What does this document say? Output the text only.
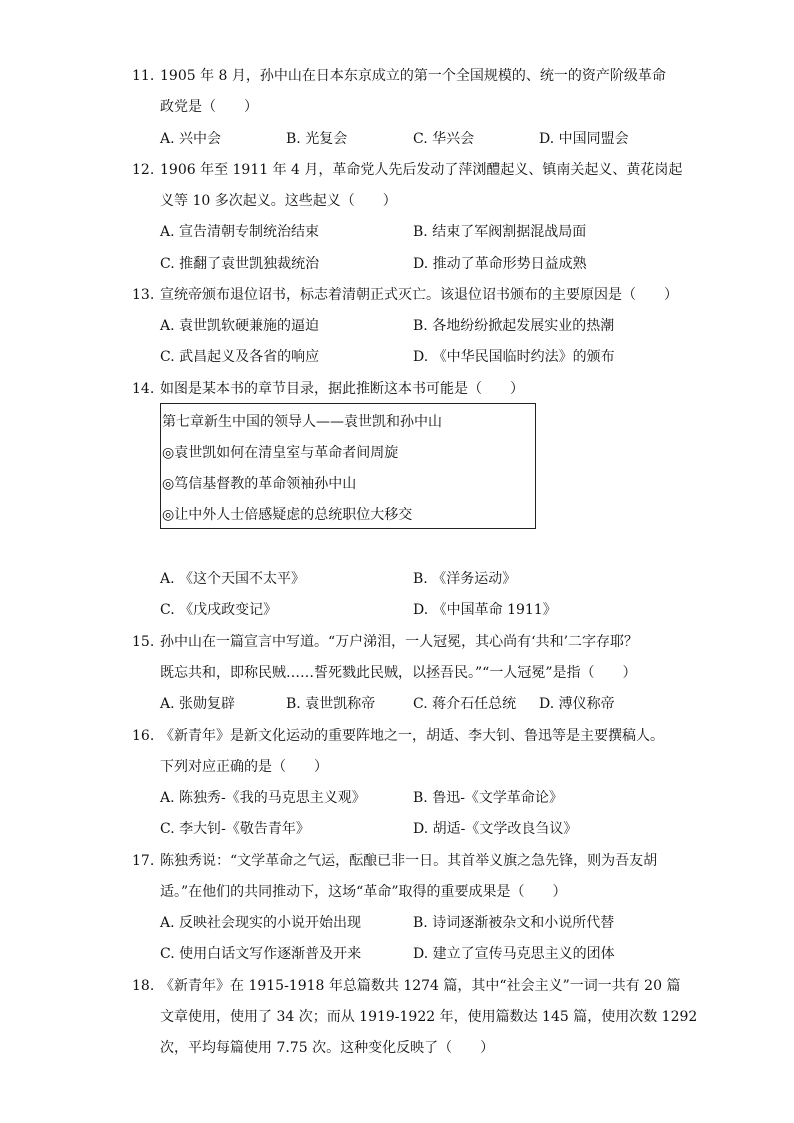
11. 1905 年 8 月，孙中山在日本东京成立的第一个全国规模的、统一的资产阶级革命
政党是（　　）
A. 兴中会	B. 光复会	C. 华兴会	D. 中国同盟会
12. 1906 年至 1911 年 4 月，革命党人先后发动了萍浏醴起义、镇南关起义、黄花岗起
义等 10 多次起义。这些起义（　　）
A. 宣告清朝专制统治结束	B. 结束了军阀割据混战局面
C. 推翻了袁世凯独裁统治	D. 推动了革命形势日益成熟
13. 宣统帝颁布退位诏书，标志着清朝正式灭亡。该退位诏书颁布的主要原因是（　　）
A. 袁世凯软硬兼施的逼迫	B. 各地纷纷掀起发展实业的热潮
C. 武昌起义及各省的响应	D. 《中华民国临时约法》的颁布
14. 如图是某本书的章节目录，据此推断这本书可能是（　　）
第七章新生中国的领导人——袁世凯和孙中山
◎袁世凯如何在清皇室与革命者间周旋
◎笃信基督教的革命领袖孙中山
◎让中外人士倍感疑虑的总统职位大移交
A. 《这个天国不太平》	B. 《洋务运动》
C. 《戊戌政变记》	D. 《中国革命 1911》
15. 孙中山在一篇宣言中写道。“万户涕泪，一人冠冕，其心尚有‘共和’二字存耶？
既忘共和，即称民贼……誓死戮此民贼，以拯吾民。”“一人冠冕”是指（　　）
A. 张勋复辟	B. 袁世凯称帝	C. 蒋介石任总统 D. 溥仪称帝
16. 《新青年》是新文化运动的重要阵地之一，胡适、李大钊、鲁迅等是主要撰稿人。
下列对应正确的是（　　）
A. 陈独秀-《我的马克思主义观》	B. 鲁迅-《文学革命论》
C. 李大钊-《敬告青年》	D. 胡适-《文学改良刍议》
17. 陈独秀说：“文学革命之气运，酝酿已非一日。其首举义旗之急先锋，则为吾友胡
适。”在他们的共同推动下，这场“革命”取得的重要成果是（　　）
A. 反映社会现实的小说开始出现	B. 诗词逐渐被杂文和小说所代替
C. 使用白话文写作逐渐普及开来	D. 建立了宣传马克思主义的团体
18. 《新青年》在 1915-1918 年总篇数共 1274 篇，其中“社会主义”一词一共有 20 篇
文章使用，使用了 34 次；而从 1919-1922 年，使用篇数达 145 篇，使用次数 1292
次，平均每篇使用 7.75 次。这种变化反映了（　　）
